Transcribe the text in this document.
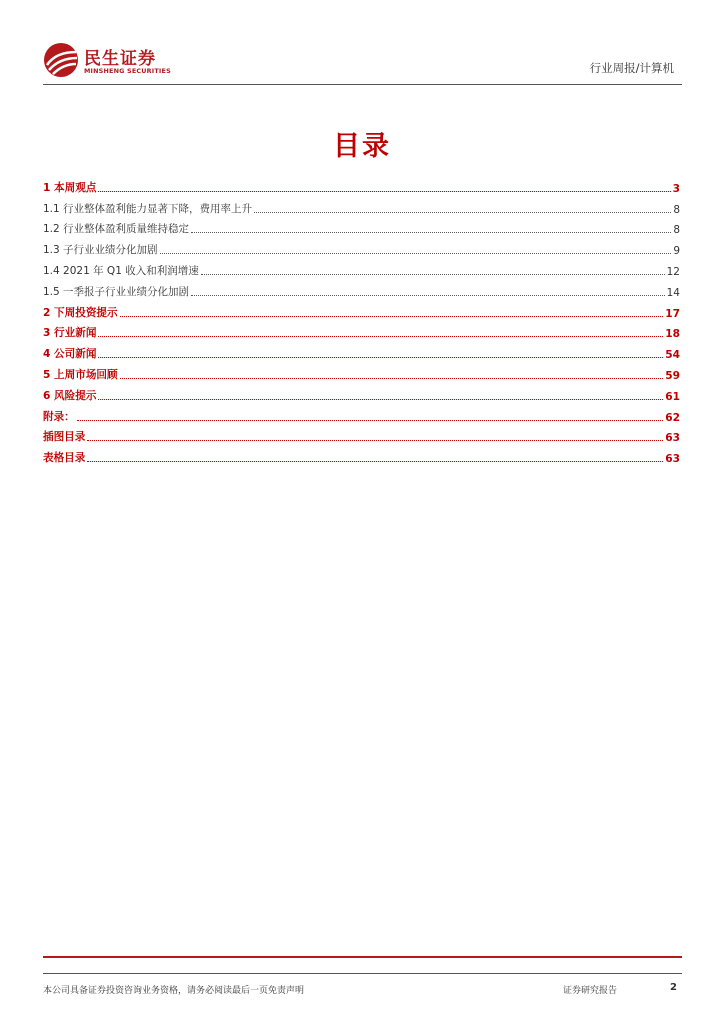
民生证券
MINSHENG SECURITIES	行业周报/计算机
目录
1 本周观点	3
1.1 行业整体盈利能力显著下降，费用率上升	8
1.2 行业整体盈利质量维持稳定	8
1.3 子行业业绩分化加剧	9
1.4 2021 年 Q1 收入和利润增速	12
1.5 一季报子行业业绩分化加剧	14
2 下周投资提示	17
3 行业新闻	18
4 公司新闻	54
5 上周市场回顾	59
6 风险提示	61
附录：	62
插图目录	63
表格目录	63
本公司具备证券投资咨询业务资格，请务必阅读最后一页免责声明	证券研究报告	2
